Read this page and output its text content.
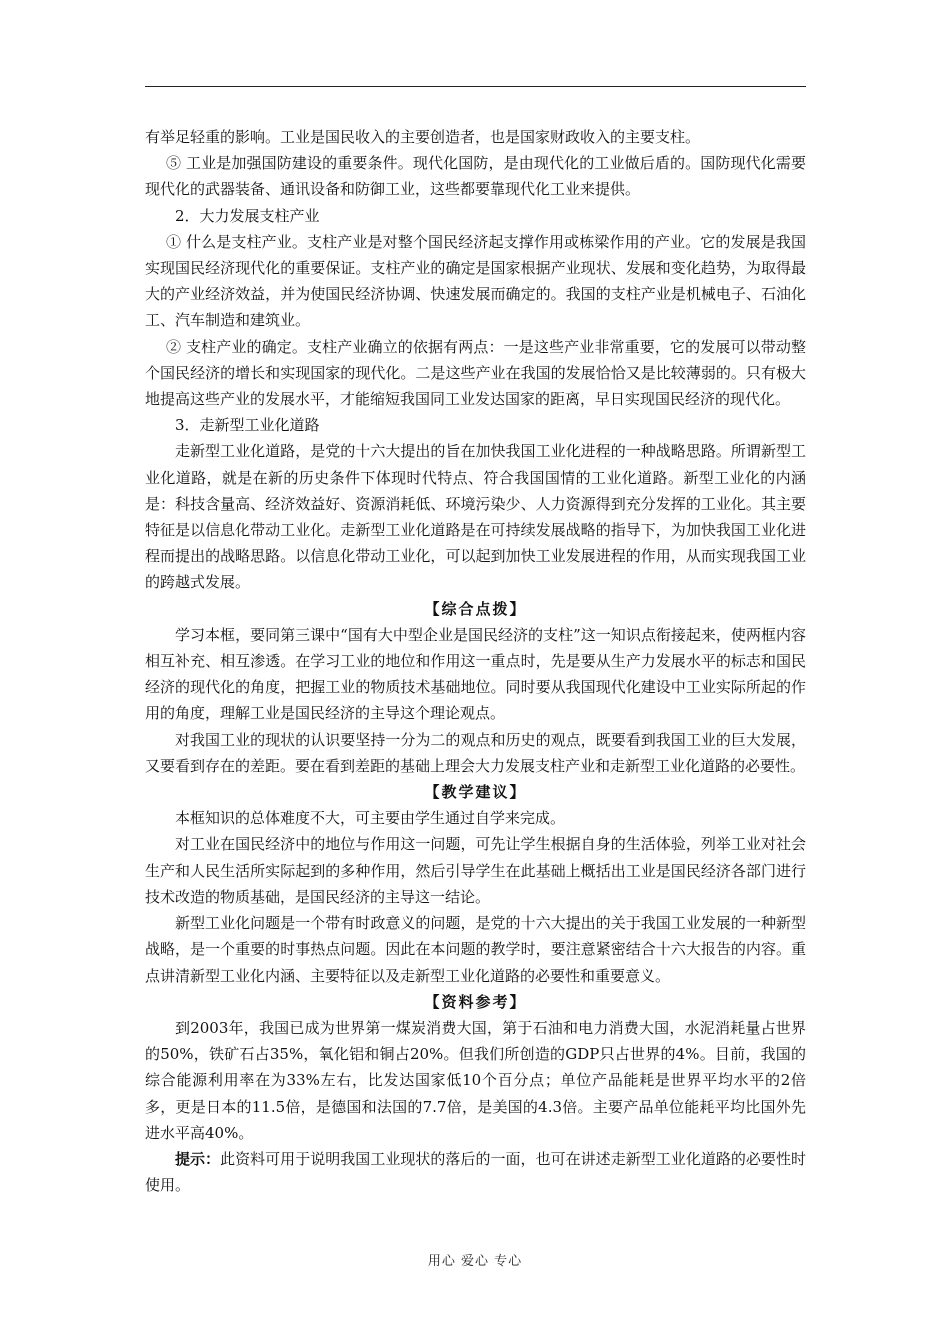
有举足轻重的影响。工业是国民收入的主要创造者，也是国家财政收入的主要支柱。

⑤ 工业是加强国防建设的重要条件。现代化国防，是由现代化的工业做后盾的。国防现代化需要现代化的武器装备、通讯设备和防御工业，这些都要靠现代化工业来提供。

2．大力发展支柱产业

① 什么是支柱产业。支柱产业是对整个国民经济起支撑作用或栋梁作用的产业。它的发展是我国实现国民经济现代化的重要保证。支柱产业的确定是国家根据产业现状、发展和变化趋势，为取得最大的产业经济效益，并为使国民经济协调、快速发展而确定的。我国的支柱产业是机械电子、石油化工、汽车制造和建筑业。

② 支柱产业的确定。支柱产业确立的依据有两点：一是这些产业非常重要，它的发展可以带动整个国民经济的增长和实现国家的现代化。二是这些产业在我国的发展恰恰又是比较薄弱的。只有极大地提高这些产业的发展水平，才能缩短我国同工业发达国家的距离，早日实现国民经济的现代化。

3．走新型工业化道路

走新型工业化道路，是党的十六大提出的旨在加快我国工业化进程的一种战略思路。所谓新型工业化道路，就是在新的历史条件下体现时代特点、符合我国国情的工业化道路。新型工业化的内涵是：科技含量高、经济效益好、资源消耗低、环境污染少、人力资源得到充分发挥的工业化。其主要特征是以信息化带动工业化。走新型工业化道路是在可持续发展战略的指导下，为加快我国工业化进程而提出的战略思路。以信息化带动工业化，可以起到加快工业发展进程的作用，从而实现我国工业的跨越式发展。

【综合点拨】

学习本框，要同第三课中“国有大中型企业是国民经济的支柱”这一知识点衔接起来，使两框内容相互补充、相互渗透。在学习工业的地位和作用这一重点时，先是要从生产力发展水平的标志和国民经济的现代化的角度，把握工业的物质技术基础地位。同时要从我国现代化建设中工业实际所起的作用的角度，理解工业是国民经济的主导这个理论观点。

对我国工业的现状的认识要坚持一分为二的观点和历史的观点，既要看到我国工业的巨大发展，又要看到存在的差距。要在看到差距的基础上理会大力发展支柱产业和走新型工业化道路的必要性。

【教学建议】

本框知识的总体难度不大，可主要由学生通过自学来完成。

对工业在国民经济中的地位与作用这一问题，可先让学生根据自身的生活体验，列举工业对社会生产和人民生活所实际起到的多种作用，然后引导学生在此基础上概括出工业是国民经济各部门进行技术改造的物质基础，是国民经济的主导这一结论。

新型工业化问题是一个带有时政意义的问题，是党的十六大提出的关于我国工业发展的一种新型战略，是一个重要的时事热点问题。因此在本问题的教学时，要注意紧密结合十六大报告的内容。重点讲清新型工业化内涵、主要特征以及走新型工业化道路的必要性和重要意义。

【资料参考】

到2003年，我国已成为世界第一煤炭消费大国，第于石油和电力消费大国，水泥消耗量占世界的50%，铁矿石占35%，氧化铝和铜占20%。但我们所创造的GDP只占世界的4%。目前，我国的综合能源利用率在为33%左右，比发达国家低10个百分点；单位产品能耗是世界平均水平的2倍多，更是日本的11.5倍，是德国和法国的7.7倍，是美国的4.3倍。主要产品单位能耗平均比国外先进水平高40%。

提示：此资料可用于说明我国工业现状的落后的一面，也可在讲述走新型工业化道路的必要性时使用。

用心 爱心 专心
